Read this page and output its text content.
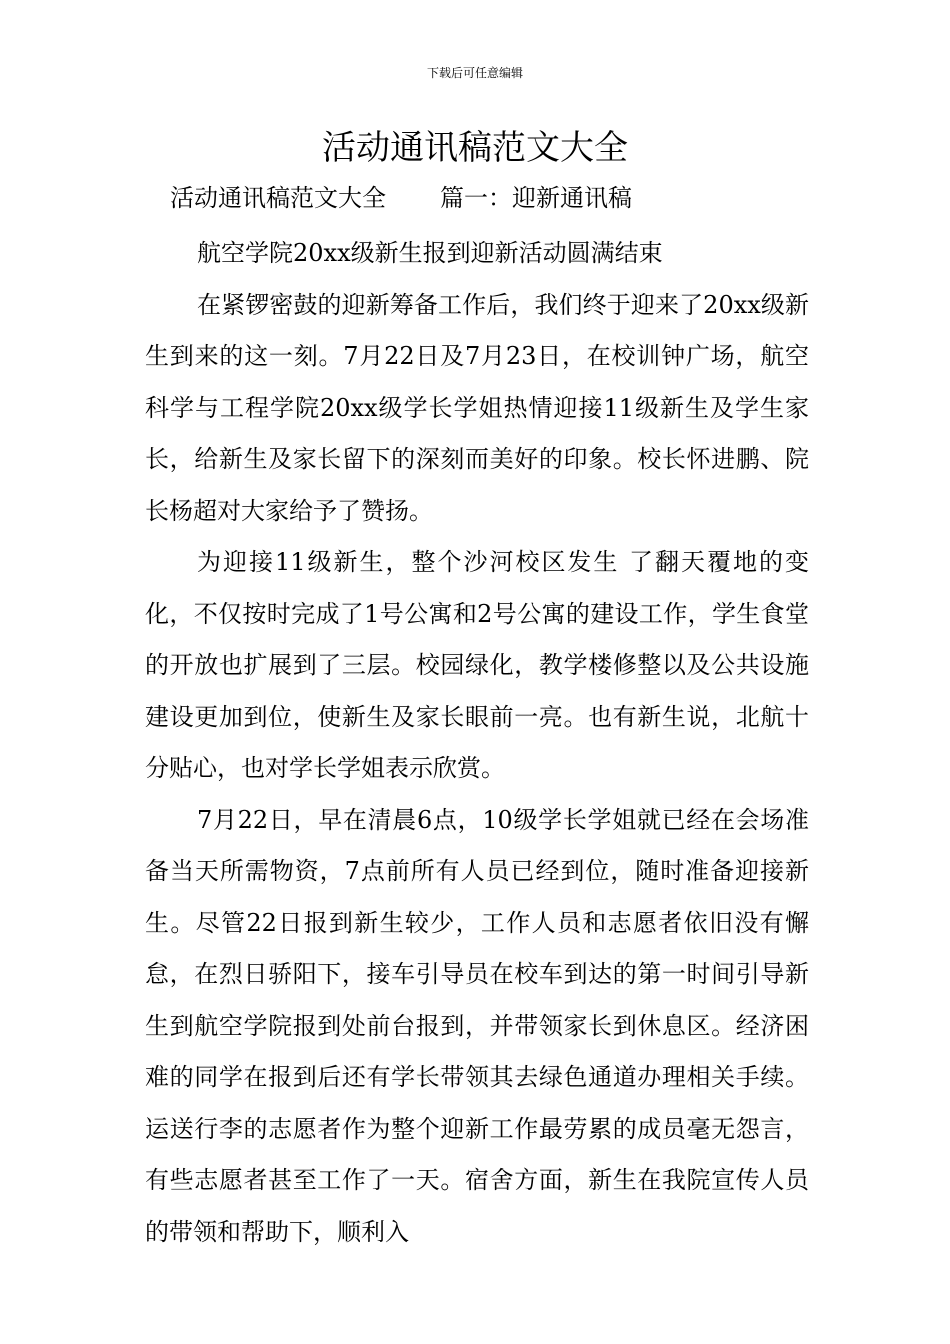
下载后可任意编辑
活动通讯稿范文大全
活动通讯稿范文大全 篇一：迎新通讯稿

航空学院20xx级新生报到迎新活动圆满结束

在紧锣密鼓的迎新筹备工作后，我们终于迎来了20xx级新生到来的这一刻。7月22日及7月23日，在校训钟广场，航空科学与工程学院20xx级学长学姐热情迎接11级新生及学生家长，给新生及家长留下的深刻而美好的印象。校长怀进鹏、院长杨超对大家给予了赞扬。

为迎接11级新生，整个沙河校区发生 了翻天覆地的变化，不仅按时完成了1号公寓和2号公寓的建设工作，学生食堂的开放也扩展到了三层。校园绿化，教学楼修整以及公共设施建设更加到位，使新生及家长眼前一亮。也有新生说，北航十分贴心，也对学长学姐表示欣赏。

7月22日，早在清晨6点，10级学长学姐就已经在会场准备当天所需物资，7点前所有人员已经到位，随时准备迎接新生。尽管22日报到新生较少，工作人员和志愿者依旧没有懈怠，在烈日骄阳下，接车引导员在校车到达的第一时间引导新生到航空学院报到处前台报到，并带领家长到休息区。经济困难的同学在报到后还有学长带领其去绿色通道办理相关手续。运送行李的志愿者作为整个迎新工作最劳累的成员毫无怨言，有些志愿者甚至工作了一天。宿舍方面，新生在我院宣传人员的带领和帮助下，顺利入
